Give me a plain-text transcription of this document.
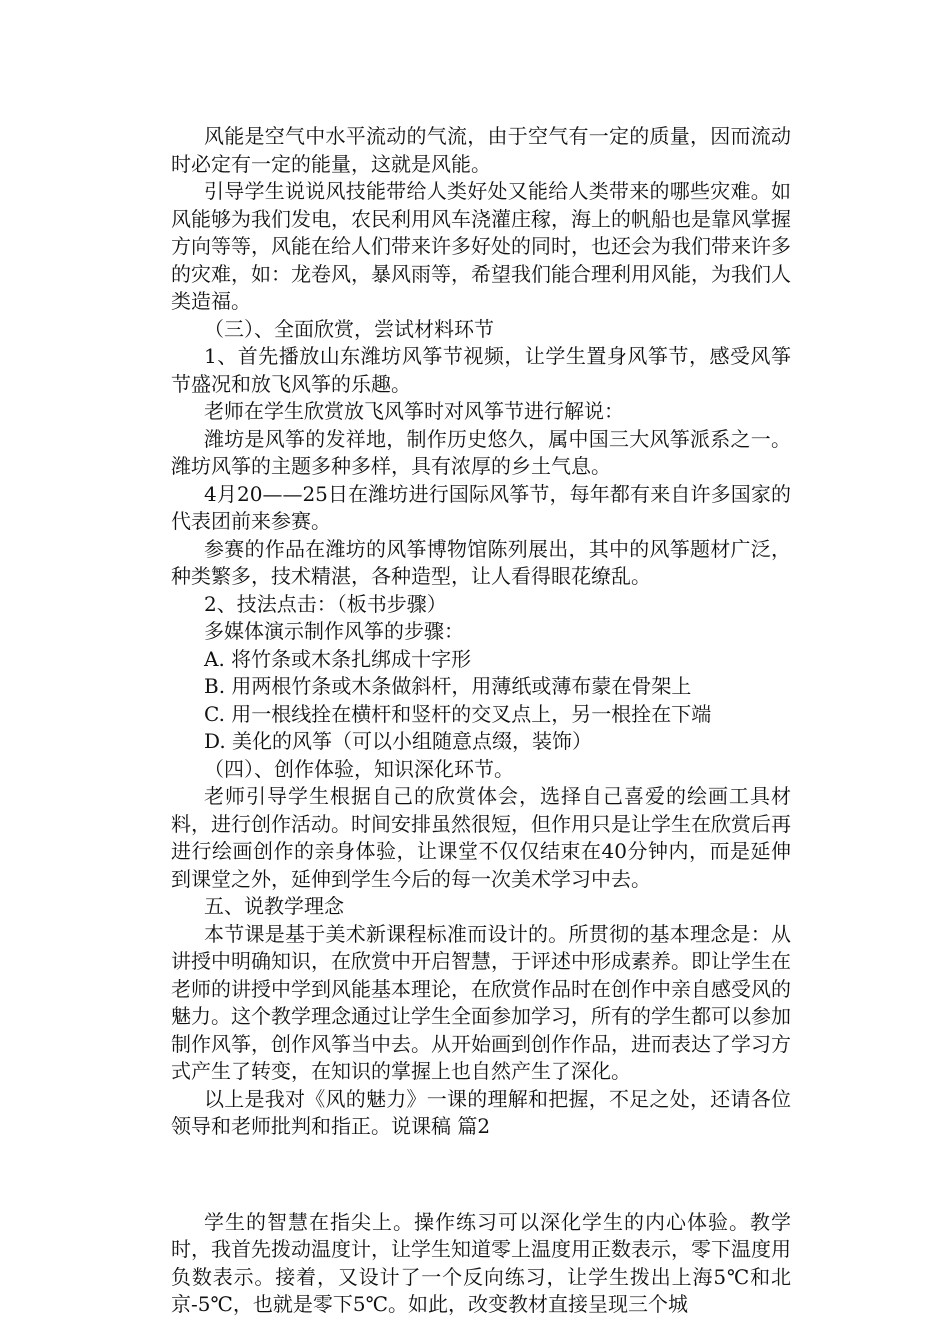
风能是空气中水平流动的气流，由于空气有一定的质量，因而流动时必定有一定的能量，这就是风能。

引导学生说说风技能带给人类好处又能给人类带来的哪些灾难。如风能够为我们发电，农民利用风车浇灌庄稼，海上的帆船也是靠风掌握方向等等，风能在给人们带来许多好处的同时，也还会为我们带来许多的灾难，如：龙卷风，暴风雨等，希望我们能合理利用风能，为我们人类造福。

（三）、全面欣赏，尝试材料环节

1、首先播放山东潍坊风筝节视频，让学生置身风筝节，感受风筝节盛况和放飞风筝的乐趣。

老师在学生欣赏放飞风筝时对风筝节进行解说：

潍坊是风筝的发祥地，制作历史悠久，属中国三大风筝派系之一。潍坊风筝的主题多种多样，具有浓厚的乡土气息。

4月20——25日在潍坊进行国际风筝节，每年都有来自许多国家的代表团前来参赛。

参赛的作品在潍坊的风筝博物馆陈列展出，其中的风筝题材广泛，种类繁多，技术精湛，各种造型，让人看得眼花缭乱。

2、技法点击：（板书步骤）

多媒体演示制作风筝的步骤：

A. 将竹条或木条扎绑成十字形

B. 用两根竹条或木条做斜杆，用薄纸或薄布蒙在骨架上

C. 用一根线拴在横杆和竖杆的交叉点上，另一根拴在下端

D. 美化的风筝（可以小组随意点缀，装饰）

（四）、创作体验，知识深化环节。

老师引导学生根据自己的欣赏体会，选择自己喜爱的绘画工具材料，进行创作活动。时间安排虽然很短，但作用只是让学生在欣赏后再进行绘画创作的亲身体验，让课堂不仅仅结束在40分钟内，而是延伸到课堂之外，延伸到学生今后的每一次美术学习中去。

五、说教学理念

本节课是基于美术新课程标准而设计的。所贯彻的基本理念是：从讲授中明确知识，在欣赏中开启智慧，于评述中形成素养。即让学生在老师的讲授中学到风能基本理论，在欣赏作品时在创作中亲自感受风的魅力。这个教学理念通过让学生全面参加学习，所有的学生都可以参加制作风筝，创作风筝当中去。从开始画到创作作品，进而表达了学习方式产生了转变，在知识的掌握上也自然产生了深化。

以上是我对《风的魅力》一课的理解和把握，不足之处，还请各位领导和老师批判和指正。说课稿 篇2

学生的智慧在指尖上。操作练习可以深化学生的内心体验。教学时，我首先拨动温度计，让学生知道零上温度用正数表示，零下温度用负数表示。接着，又设计了一个反向练习，让学生拨出上海5℃和北京-5℃，也就是零下5℃。如此，改变教材直接呈现三个城
